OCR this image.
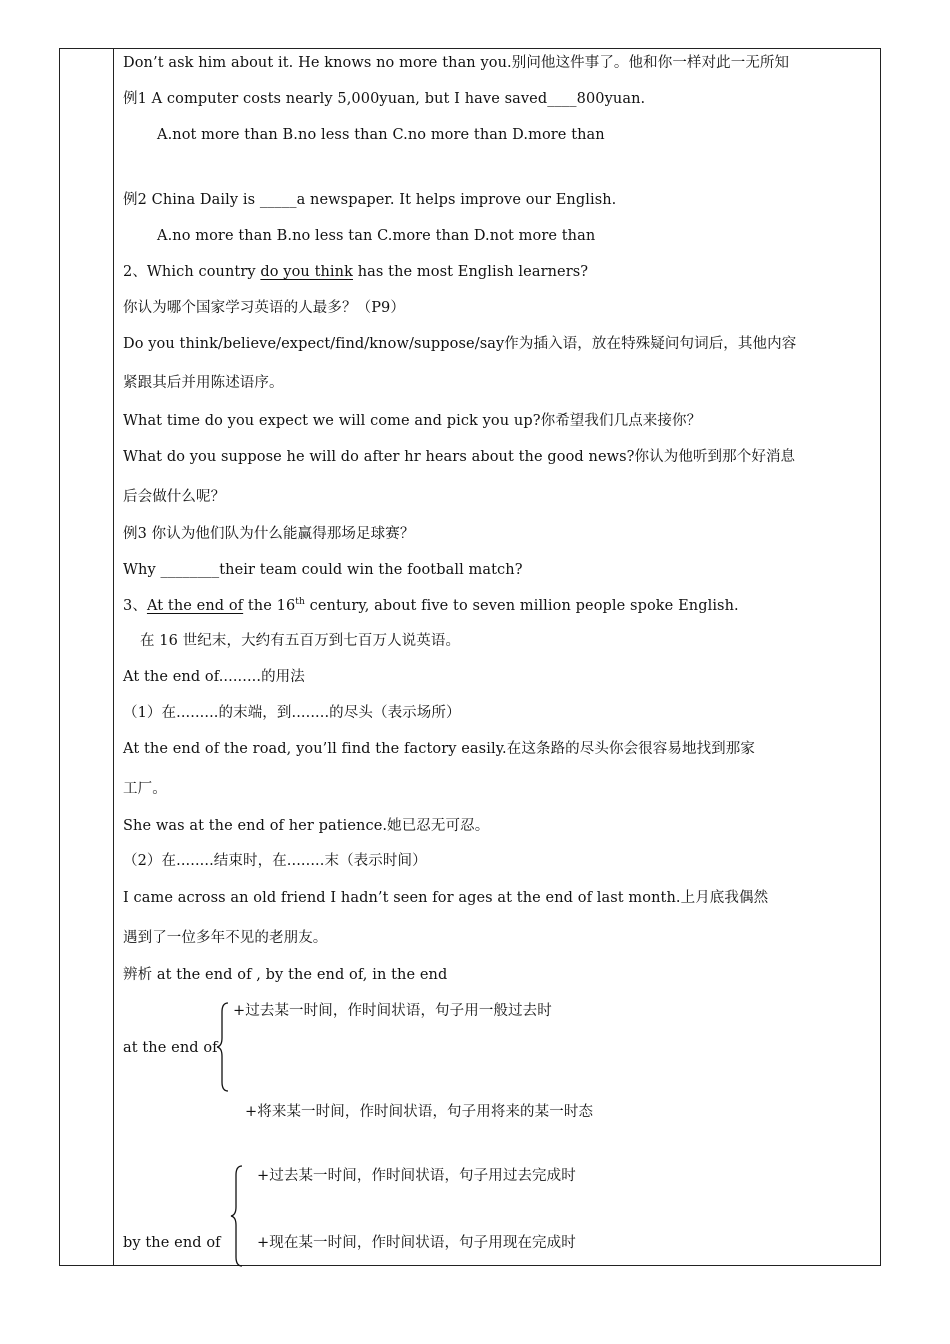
Don’t ask him about it. He knows no more than you.别问他这件事了。他和你一样对此一无所知
例1 A computer costs nearly 5,000yuan, but I have saved____800yuan.
A.not more than B.no less than C.no more than D.more than
例2 China Daily is _____a newspaper. It helps improve our English.
A.no more than B.no less tan C.more than D.not more than
2、Which country do you think has the most English learners?
你认为哪个国家学习英语的人最多？（P9）
Do you think/believe/expect/find/know/suppose/say作为插入语，放在特殊疑问句词后，其他内容
紧跟其后并用陈述语序。
What time do you expect we will come and pick you up?你希望我们几点来接你？
What do you suppose he will do after hr hears about the good news?你认为他听到那个好消息
后会做什么呢？
例3 你认为他们队为什么能赢得那场足球赛？
Why ________their team could win the football match?
3、At the end of the 16th century, about five to seven million people spoke English.
在 16 世纪末，大约有五百万到七百万人说英语。
At the end of.........的用法
（1）在.........的末端，到........的尽头（表示场所）
At the end of the road, you’ll find the factory easily.在这条路的尽头你会很容易地找到那家
工厂。
She was at the end of her patience.她已忍无可忍。
（2）在........结束时，在........末（表示时间）
I came across an old friend I hadn’t seen for ages at the end of last month.上月底我偶然
遇到了一位多年不见的老朋友。
辨析 at the end of , by the end of, in the end
+过去某一时间，作时间状语，句子用一般过去时
at the end of
+将来某一时间，作时间状语，句子用将来的某一时态
+过去某一时间，作时间状语，句子用过去完成时
by the end of	+现在某一时间，作时间状语，句子用现在完成时
